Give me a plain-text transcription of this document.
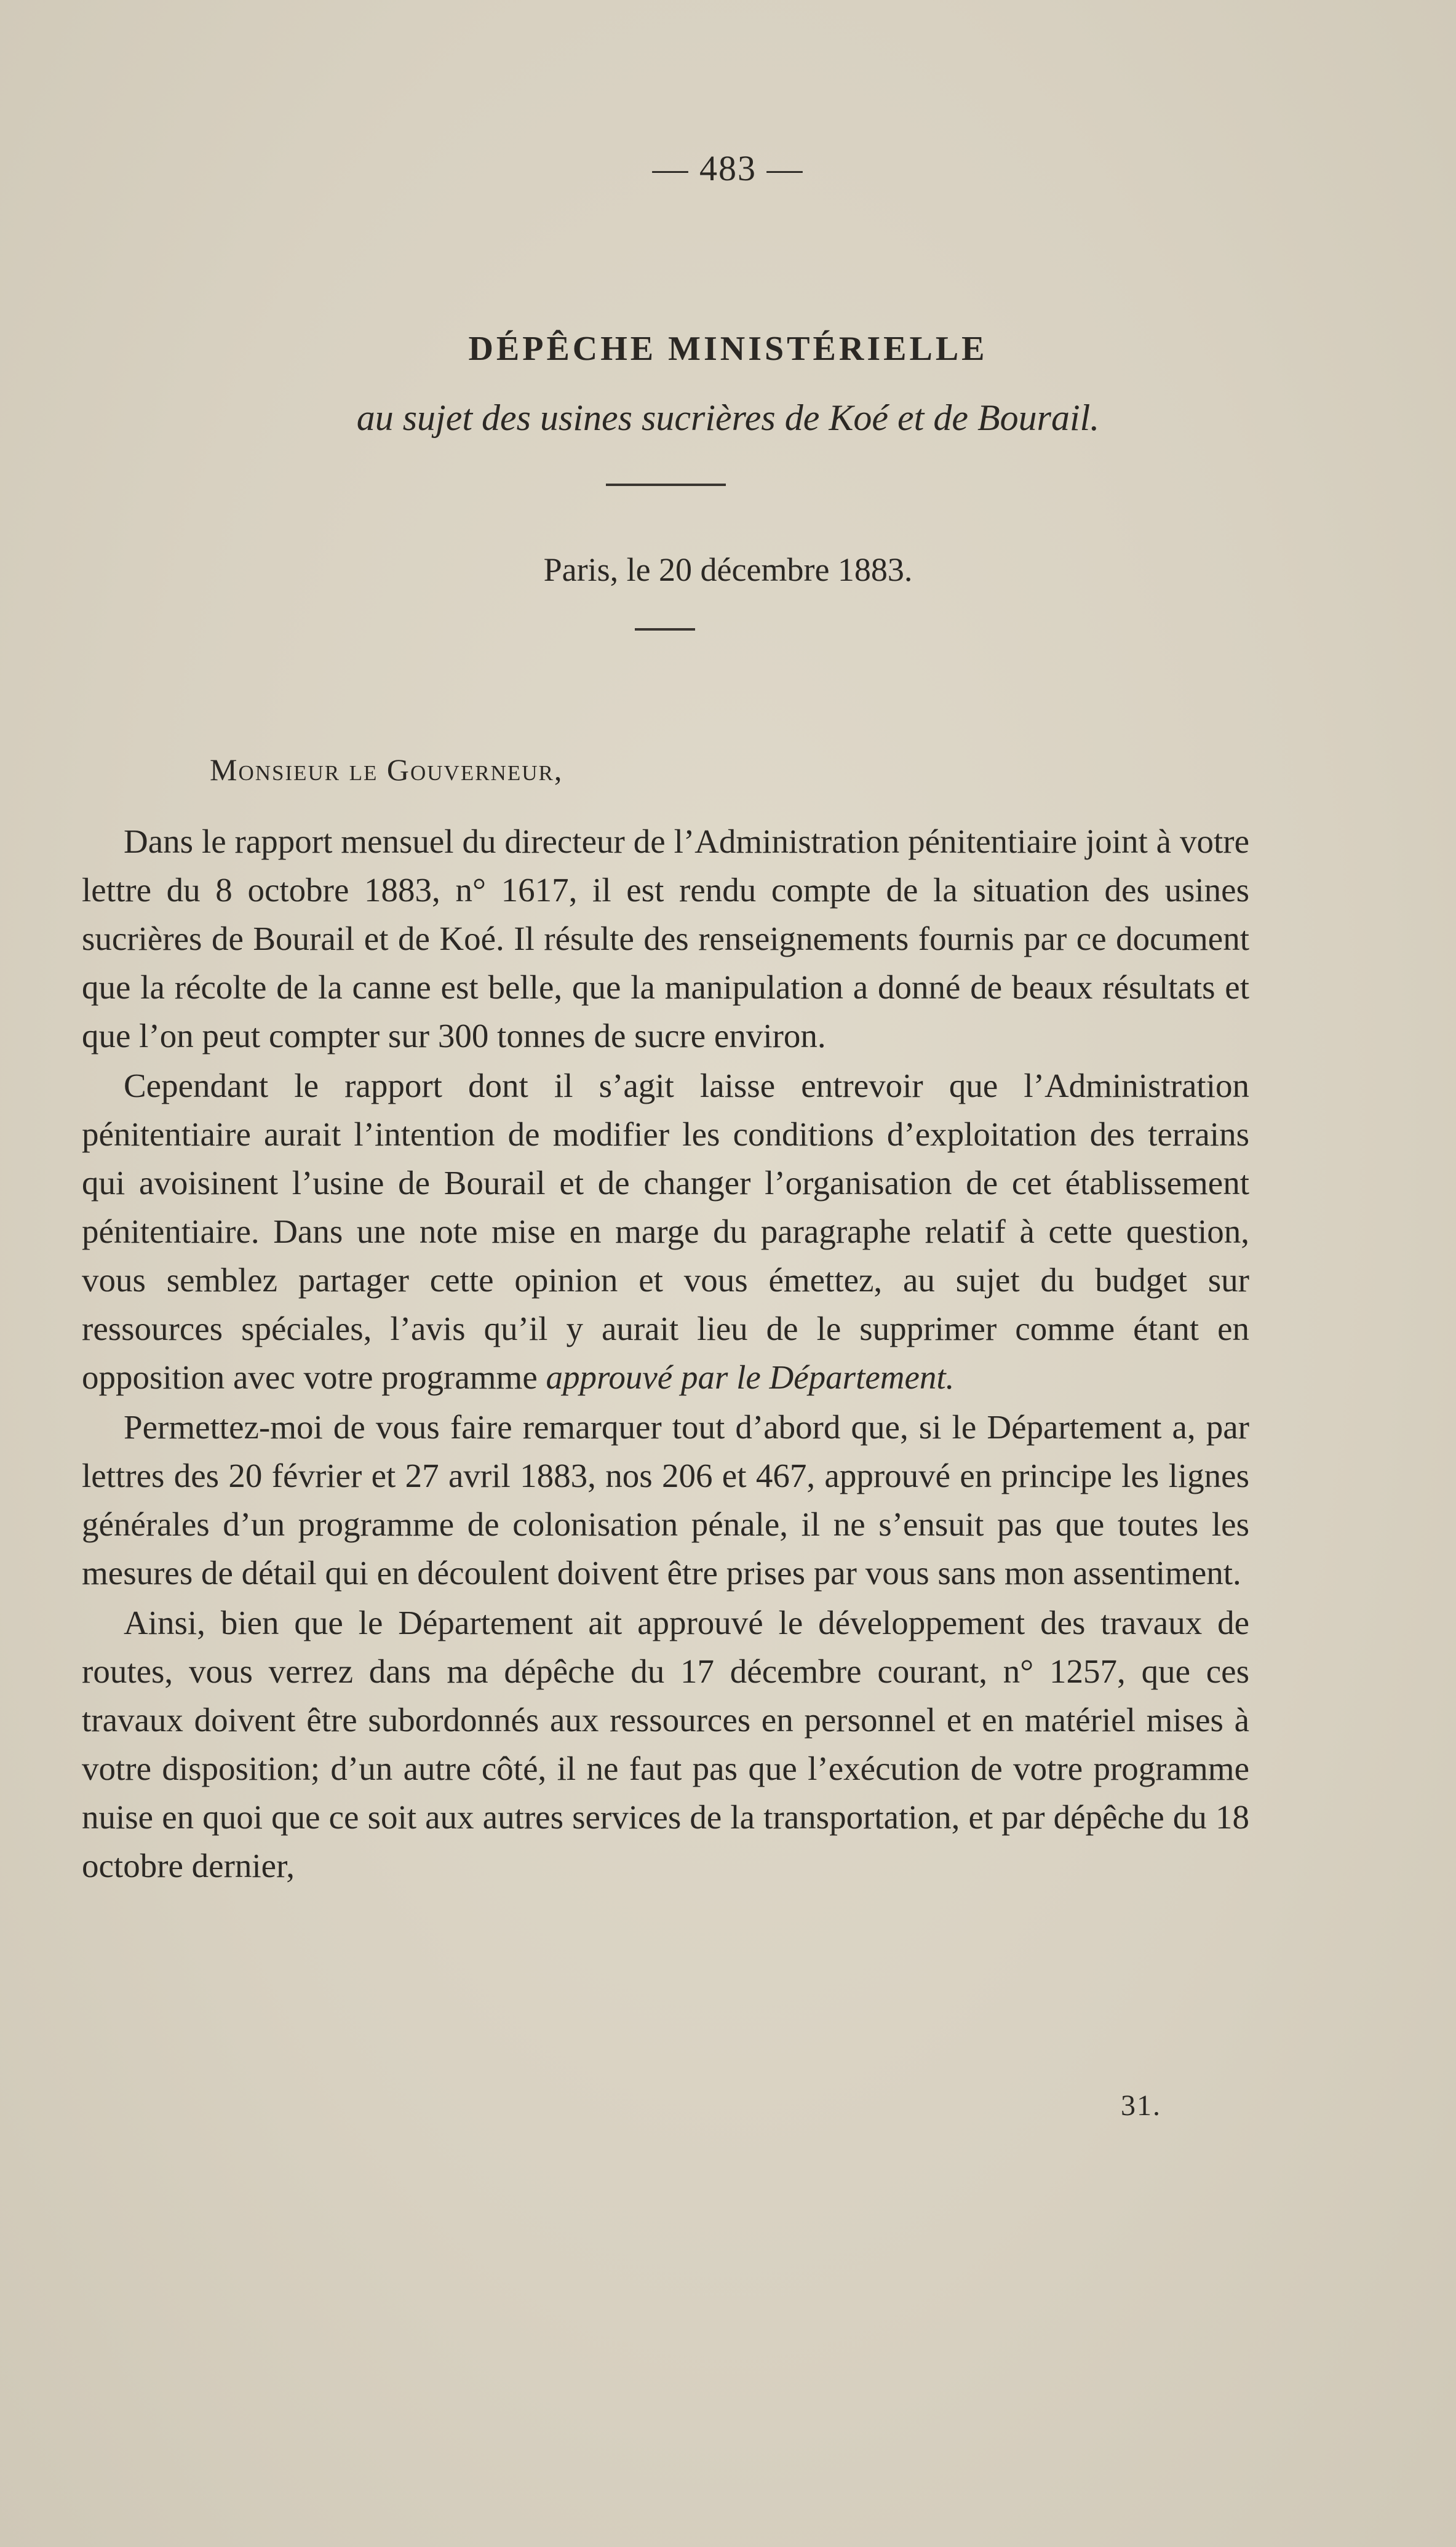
— 483 —
DÉPÊCHE MINISTÉRIELLE
au sujet des usines sucrières de Koé et de Bourail.
Paris, le 20 décembre 1883.
Monsieur le Gouverneur,

Dans le rapport mensuel du directeur de l’Administration pénitentiaire joint à votre lettre du 8 octobre 1883, n° 1617, il est rendu compte de la situation des usines sucrières de Bourail et de Koé. Il résulte des renseignements fournis par ce document que la récolte de la canne est belle, que la manipulation a donné de beaux résultats et que l’on peut compter sur 300 tonnes de sucre environ.

Cependant le rapport dont il s’agit laisse entrevoir que l’Administration pénitentiaire aurait l’intention de modifier les conditions d’exploitation des terrains qui avoisinent l’usine de Bourail et de changer l’organisation de cet établissement pénitentiaire. Dans une note mise en marge du paragraphe relatif à cette question, vous semblez partager cette opinion et vous émettez, au sujet du budget sur ressources spéciales, l’avis qu’il y aurait lieu de le supprimer comme étant en opposition avec votre programme approuvé par le Département.

Permettez-moi de vous faire remarquer tout d’abord que, si le Département a, par lettres des 20 février et 27 avril 1883, nos 206 et 467, approuvé en principe les lignes générales d’un programme de colonisation pénale, il ne s’ensuit pas que toutes les mesures de détail qui en découlent doivent être prises par vous sans mon assentiment.

Ainsi, bien que le Département ait approuvé le développement des travaux de routes, vous verrez dans ma dépêche du 17 décembre courant, n° 1257, que ces travaux doivent être subordonnés aux ressources en personnel et en matériel mises à votre disposition; d’un autre côté, il ne faut pas que l’exécution de votre programme nuise en quoi que ce soit aux autres services de la transportation, et par dépêche du 18 octobre dernier,

31.
